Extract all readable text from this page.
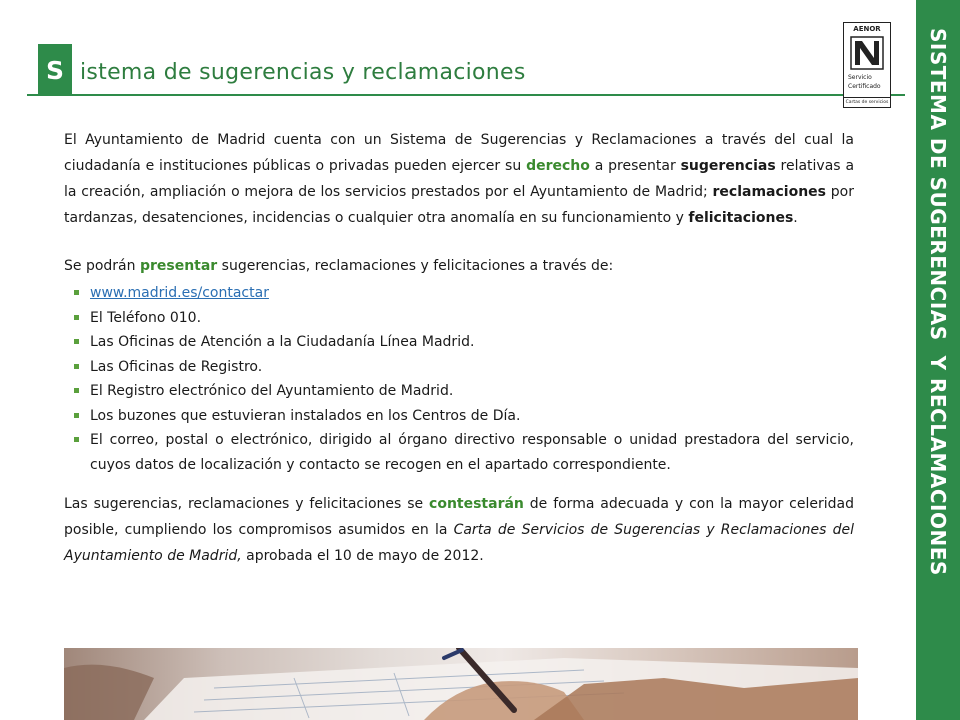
SISTEMA DE SUGERENCIAS  Y RECLAMACIONES
S istema de sugerencias y reclamaciones
AENOR
Servicio
Certificado
Cartas de servicios

El Ayuntamiento de Madrid cuenta con un Sistema de Sugerencias y Reclamaciones a través del cual la ciudadanía e instituciones públicas o privadas pueden ejercer su derecho a presentar sugerencias relativas a la creación, ampliación o mejora de los servicios prestados por el Ayuntamiento de Madrid; reclamaciones por tardanzas, desatenciones, incidencias o cualquier otra anomalía en su funcionamiento y felicitaciones.

Se podrán presentar sugerencias, reclamaciones y felicitaciones a través de:

www.madrid.es/contactar
El Teléfono 010.
Las Oficinas de Atención a la Ciudadanía Línea Madrid.
Las Oficinas de Registro.
El Registro electrónico del Ayuntamiento de Madrid.
Los buzones que estuvieran instalados en los Centros de Día.
El correo, postal o electrónico, dirigido al órgano directivo responsable o unidad prestadora del servicio, cuyos datos de localización y contacto se recogen en el apartado correspondiente.

Las sugerencias, reclamaciones y felicitaciones se contestarán de forma adecuada y con la mayor celeridad posible, cumpliendo los compromisos asumidos en la Carta de Servicios de Sugerencias y Reclamaciones del Ayuntamiento de Madrid, aprobada el 10 de mayo de 2012.
